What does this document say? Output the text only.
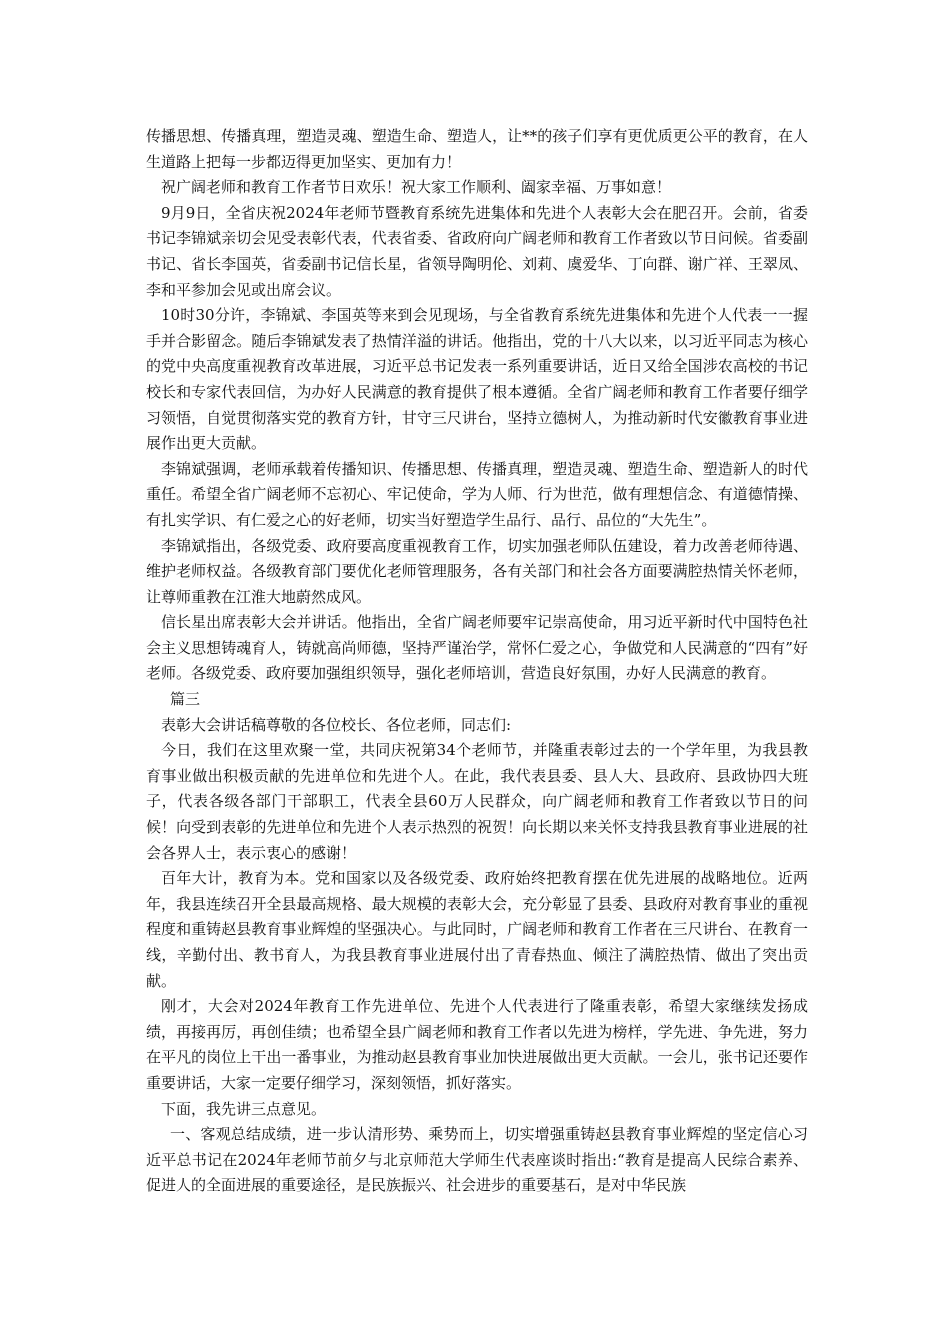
传播思想、传播真理，塑造灵魂、塑造生命、塑造人，让**的孩子们享有更优质更公平的教育，在人生道路上把每一步都迈得更加坚实、更加有力！

祝广阔老师和教育工作者节日欢乐！祝大家工作顺利、阖家幸福、万事如意！

9月9日，全省庆祝2024年老师节暨教育系统先进集体和先进个人表彰大会在肥召开。会前，省委书记李锦斌亲切会见受表彰代表，代表省委、省政府向广阔老师和教育工作者致以节日问候。省委副书记、省长李国英，省委副书记信长星，省领导陶明伦、刘莉、虞爱华、丁向群、谢广祥、王翠凤、李和平参加会见或出席会议。

10时30分许，李锦斌、李国英等来到会见现场，与全省教育系统先进集体和先进个人代表一一握手并合影留念。随后李锦斌发表了热情洋溢的讲话。他指出，党的十八大以来，以习近平同志为核心的党中央高度重视教育改革进展，习近平总书记发表一系列重要讲话，近日又给全国涉农高校的书记校长和专家代表回信，为办好人民满意的教育提供了根本遵循。全省广阔老师和教育工作者要仔细学习领悟，自觉贯彻落实党的教育方针，甘守三尺讲台，坚持立德树人，为推动新时代安徽教育事业进展作出更大贡献。

李锦斌强调，老师承载着传播知识、传播思想、传播真理，塑造灵魂、塑造生命、塑造新人的时代重任。希望全省广阔老师不忘初心、牢记使命，学为人师、行为世范，做有理想信念、有道德情操、有扎实学识、有仁爱之心的好老师，切实当好塑造学生品行、品行、品位的“大先生”。

李锦斌指出，各级党委、政府要高度重视教育工作，切实加强老师队伍建设，着力改善老师待遇、维护老师权益。各级教育部门要优化老师管理服务，各有关部门和社会各方面要满腔热情关怀老师，让尊师重教在江淮大地蔚然成风。

信长星出席表彰大会并讲话。他指出，全省广阔老师要牢记崇高使命，用习近平新时代中国特色社会主义思想铸魂育人，铸就高尚师德，坚持严谨治学，常怀仁爱之心，争做党和人民满意的“四有”好老师。各级党委、政府要加强组织领导，强化老师培训，营造良好氛围，办好人民满意的教育。

篇三

表彰大会讲话稿尊敬的各位校长、各位老师，同志们:

今日，我们在这里欢聚一堂，共同庆祝第34个老师节，并隆重表彰过去的一个学年里，为我县教育事业做出积极贡献的先进单位和先进个人。在此，我代表县委、县人大、县政府、县政协四大班子，代表各级各部门干部职工，代表全县60万人民群众，向广阔老师和教育工作者致以节日的问候！向受到表彰的先进单位和先进个人表示热烈的祝贺！向长期以来关怀支持我县教育事业进展的社会各界人士，表示衷心的感谢！

百年大计，教育为本。党和国家以及各级党委、政府始终把教育摆在优先进展的战略地位。近两年，我县连续召开全县最高规格、最大规模的表彰大会，充分彰显了县委、县政府对教育事业的重视程度和重铸赵县教育事业辉煌的坚强决心。与此同时，广阔老师和教育工作者在三尺讲台、在教育一线，辛勤付出、教书育人，为我县教育事业进展付出了青春热血、倾注了满腔热情、做出了突出贡献。

刚才，大会对2024年教育工作先进单位、先进个人代表进行了隆重表彰，希望大家继续发扬成绩，再接再厉，再创佳绩；也希望全县广阔老师和教育工作者以先进为榜样，学先进、争先进，努力在平凡的岗位上干出一番事业，为推动赵县教育事业加快进展做出更大贡献。一会儿，张书记还要作重要讲话，大家一定要仔细学习，深刻领悟，抓好落实。

下面，我先讲三点意见。

一、客观总结成绩，进一步认清形势、乘势而上，切实增强重铸赵县教育事业辉煌的坚定信心习近平总书记在2024年老师节前夕与北京师范大学师生代表座谈时指出:“教育是提高人民综合素养、促进人的全面进展的重要途径，是民族振兴、社会进步的重要基石，是对中华民族
